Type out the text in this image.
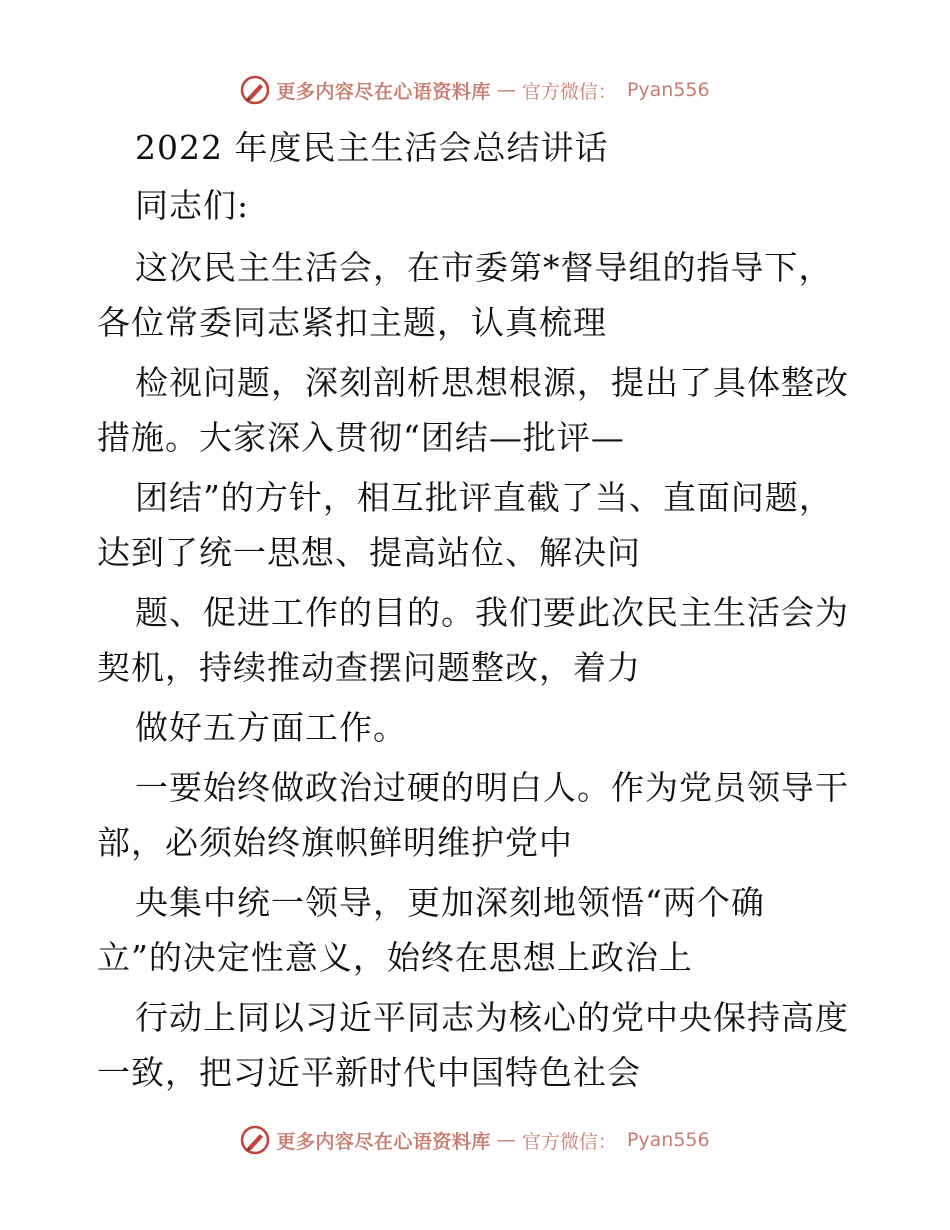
更多内容尽在心语资料库 — 官方微信： Pyan556
2022 年度民主生活会总结讲话
同志们:
这次民主生活会，在市委第*督导组的指导下，
各位常委同志紧扣主题，认真梳理
检视问题，深刻剖析思想根源，提出了具体整改
措施。大家深入贯彻“团结—批评—
团结”的方针，相互批评直截了当、直面问题，
达到了统一思想、提高站位、解决问
题、促进工作的目的。我们要此次民主生活会为
契机，持续推动查摆问题整改，着力
做好五方面工作。
一要始终做政治过硬的明白人。作为党员领导干
部，必须始终旗帜鲜明维护党中
央集中统一领导，更加深刻地领悟“两个确
立”的决定性意义，始终在思想上政治上
行动上同以习近平同志为核心的党中央保持高度
一致，把习近平新时代中国特色社会
更多内容尽在心语资料库 — 官方微信： Pyan556
